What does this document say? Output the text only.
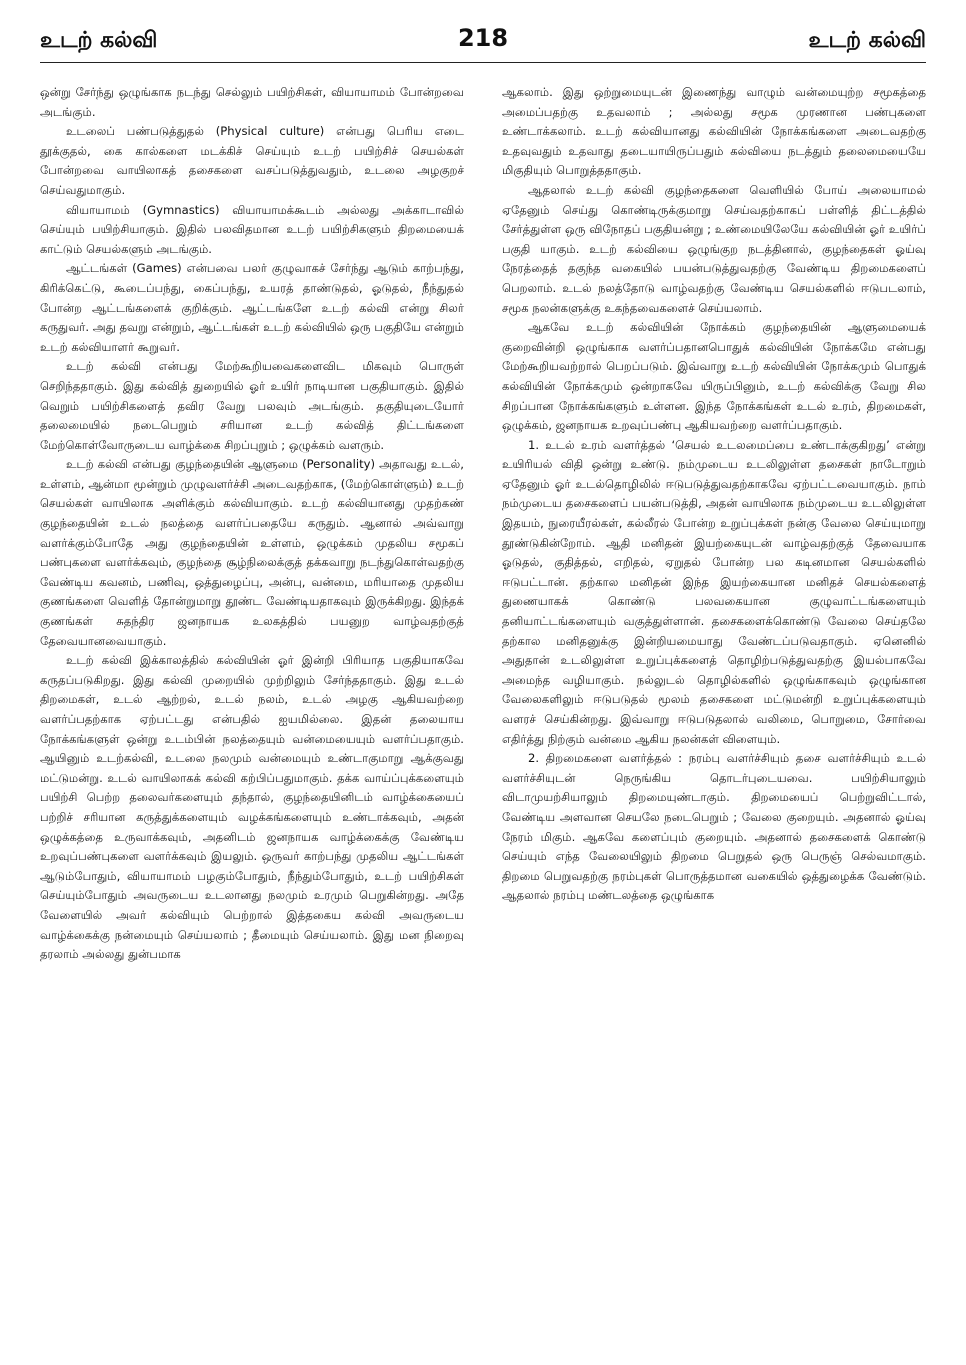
உடற் கல்வி	218	உடற் கல்வி

ஒன்று சேர்ந்து ஒழுங்காக நடந்து செல்லும் பயிற்சிகள், வியாயாமம் போன்றவை அடங்கும்.

உடலைப் பண்படுத்துதல் (Physical culture) என்பது பெரிய எடை தூக்குதல், கை கால்களை மடக்கிச் செய்யும் உடற் பயிற்சிச் செயல்கள் போன்றவை வாயிலாகத் தசைகளை வசப்படுத்துவதும், உடலை அழகுறச் செய்வதுமாகும்.

வியாயாமம் (Gymnastics) வியாயாமக்கூடம் அல்லது அக்காடாவில் செய்யும் பயிற்சியாகும். இதில் பலவிதமான உடற் பயிற்சிகளும் திறமையைக் காட்டும் செயல்களும் அடங்கும்.

ஆட்டங்கள் (Games) என்பவை பலர் குழுவாகச் சேர்ந்து ஆடும் காற்பந்து, கிரிக்கெட்டு, கூடைப்பந்து, கைப்பந்து, உயரத் தாண்டுதல், ஓடுதல், நீந்துதல் போன்ற ஆட்டங்களைக் குறிக்கும். ஆட்டங்களே உடற் கல்வி என்று சிலர் கருதுவர். அது தவறு என்றும், ஆட்டங்கள் உடற் கல்வியில் ஒரு பகுதியே என்றும் உடற் கல்வியாளர் கூறுவர்.

உடற் கல்வி என்பது மேற்கூறியவைகளைவிட மிகவும் பொருள் செறிந்ததாகும். இது கல்வித் துறையில் ஓர் உயிர் நாடியான பகுதியாகும். இதில் வெறும் பயிற்சிகளைத் தவிர வேறு பலவும் அடங்கும். தகுதியுடையோர் தலைமையில் நடைபெறும் சரியான உடற் கல்வித் திட்டங்களை மேற்கொள்வோருடைய வாழ்க்கை சிறப்புறும் ; ஒழுக்கம் வளரும்.

உடற் கல்வி என்பது குழந்தையின் ஆளுமை (Personality) அதாவது உடல், உள்ளம், ஆன்மா மூன்றும் முழுவளர்ச்சி அடைவதற்காக, (மேற்கொள்ளும்) உடற் செயல்கள் வாயிலாக அளிக்கும் கல்வியாகும். உடற் கல்வியானது முதற்கண் குழந்தையின் உடல் நலத்தை வளர்ப்பதையே கருதும். ஆனால் அவ்வாறு வளர்க்கும்போதே அது குழந்தையின் உள்ளம், ஒழுக்கம் முதலிய சமூகப் பண்புகளை வளர்க்கவும், குழந்தை சூழ்நிலைக்குத் தக்கவாறு நடந்துகொள்வதற்கு வேண்டிய கவனம், பணிவு, ஒத்துழைப்பு, அன்பு, வன்மை, மரியாதை முதலிய குணங்களை வெளித் தோன்றுமாறு தூண்ட வேண்டியதாகவும் இருக்கிறது. இந்தக் குணங்கள் சுதந்திர ஜனநாயக உலகத்தில் பயனுற வாழ்வதற்குத் தேவையானவையாகும்.

உடற் கல்வி இக்காலத்தில் கல்வியின் ஓர் இன்றி பிரியாத பகுதியாகவே கருதப்படுகிறது. இது கல்வி முறையில் முற்றிலும் சேர்ந்ததாகும். இது உடல் திறமைகள், உடல் ஆற்றல், உடல் நலம், உடல் அழகு ஆகியவற்றை வளர்ப்பதற்காக ஏற்பட்டது என்பதில் ஐயமில்லை. இதன் தலையாய நோக்கங்களுள் ஒன்று உடம்பின் நலத்தையும் வன்மையையும் வளர்ப்பதாகும். ஆயினும் உடற்கல்வி, உடலை நலமும் வன்மையும் உண்டாகுமாறு ஆக்குவது மட்டுமன்று. உடல் வாயிலாகக் கல்வி கற்பிப்பதுமாகும். தக்க வாய்ப்புக்களையும் பயிற்சி பெற்ற தலைவர்களையும் தந்தால், குழந்தையினிடம் வாழ்க்கையைப் பற்றிச் சரியான கருத்துக்களையும் வழக்கங்களையும் உண்டாக்கவும், அதன் ஒழுக்கத்தை உருவாக்கவும், அதனிடம் ஜனநாயக வாழ்க்கைக்கு வேண்டிய உறவுப்பண்புகளை வளர்க்கவும் இயலும். ஒருவர் காற்பந்து முதலிய ஆட்டங்கள் ஆடும்போதும், வியாயாமம் பழகும்போதும், நீந்தும்போதும், உடற் பயிற்சிகள் செய்யும்போதும் அவருடைய உடலானது நலமும் உரமும் பெறுகின்றது. அதே வேளையில் அவர் கல்வியும் பெற்றால் இத்தகைய கல்வி அவருடைய வாழ்க்கைக்கு நன்மையும் செய்யலாம் ; தீமையும் செய்யலாம். இது மன நிறைவு தரலாம் அல்லது துன்பமாக

ஆகலாம். இது ஒற்றுமையுடன் இணைந்து வாழும் வன்மையுற்ற சமூகத்தை அமைப்பதற்கு உதவலாம் ; அல்லது சமூக முரணான பண்புகளை உண்டாக்கலாம். உடற் கல்வியானது கல்வியின் நோக்கங்களை அடைவதற்கு உதவுவதும் உதவாது தடையாயிருப்பதும் கல்வியை நடத்தும் தலைமையையே மிகுதியும் பொறுத்ததாகும்.

ஆதலால் உடற் கல்வி குழந்தைகளை வெளியில் போய் அலையாமல் ஏதேனும் செய்து கொண்டிருக்குமாறு செய்வதற்காகப் பள்ளித் திட்டத்தில் சேர்த்துள்ள ஒரு விநோதப் பகுதியன்று ; உண்மையிலேயே கல்வியின் ஓர் உயிர்ப் பகுதி யாகும். உடற் கல்வியை ஒழுங்குற நடத்தினால், குழந்தைகள் ஓய்வு நேரத்தைத் தகுந்த வகையில் பயன்படுத்துவதற்கு வேண்டிய திறமைகளைப் பெறலாம். உடல் நலத்தோடு வாழ்வதற்கு வேண்டிய செயல்களில் ஈடுபடலாம், சமூக நலன்களுக்கு உகந்தவைகளைச் செய்யலாம்.

ஆகவே உடற் கல்வியின் நோக்கம் குழந்தையின் ஆளுமையைக் குறைவின்றி ஒழுங்காக வளர்ப்பதானபொதுக் கல்வியின் நோக்கமே என்பது மேற்கூறியவற்றால் பெறப்படும். இவ்வாறு உடற் கல்வியின் நோக்கமும் பொதுக் கல்வியின் நோக்கமும் ஒன்றாகவே யிருப்பினும், உடற் கல்விக்கு வேறு சில சிறப்பான நோக்கங்களும் உள்ளன. இந்த நோக்கங்கள் உடல் உரம், திறமைகள், ஒழுக்கம், ஜனநாயக உறவுப்பண்பு ஆகியவற்றை வளர்ப்பதாகும்.

1. உடல் உரம் வளர்த்தல் ‘செயல் உடலமைப்பை உண்டாக்குகிறது’ என்று உயிரியல் விதி ஒன்று உண்டு. நம்முடைய உடலிலுள்ள தசைகள் நாடோறும் ஏதேனும் ஓர் உடல்தொழிலில் ஈடுபடுத்துவதற்காகவே ஏற்பட்டவையாகும். நாம் நம்முடைய தசைகளைப் பயன்படுத்தி, அதன் வாயிலாக நம்முடைய உடலிலுள்ள இதயம், நுரையீரல்கள், கல்லீரல் போன்ற உறுப்புக்கள் நன்கு வேலை செய்யுமாறு தூண்டுகின்றோம். ஆதி மனிதன் இயற்கையுடன் வாழ்வதற்குத் தேவையாக ஓடுதல், குதித்தல், எறிதல், ஏறுதல் போன்ற பல கடினமான செயல்களில் ஈடுபட்டான். தற்கால மனிதன் இந்த இயற்கையான மனிதச் செயல்களைத் துணையாகக் கொண்டு பலவகையான குழுவாட்டங்களையும் தனியாட்டங்களையும் வகுத்துள்ளான். தசைகளைக்கொண்டு வேலை செய்தலே தற்கால மனிதனுக்கு இன்றியமையாது வேண்டப்படுவதாகும். ஏனெனில் அதுதான் உடலிலுள்ள உறுப்புக்களைத் தொழிற்படுத்துவதற்கு இயல்பாகவே அமைந்த வழியாகும். நல்லுடல் தொழில்களில் ஒழுங்காகவும் ஒழுங்கான வேலைகளிலும் ஈடுபடுதல் மூலம் தசைகளை மட்டுமன்றி உறுப்புக்களையும் வளரச் செய்கின்றது. இவ்வாறு ஈடுபடுதலால் வலிமை, பொறுமை, சோர்வை எதிர்த்து நிற்கும் வன்மை ஆகிய நலன்கள் விளையும்.

2. திறமைகளை வளர்த்தல் : நரம்பு வளர்ச்சியும் தசை வளர்ச்சியும் உடல் வளர்ச்சியுடன் நெருங்கிய தொடர்புடையவை. பயிற்சியாலும் விடாமுயற்சியாலும் திறமையுண்டாகும். திறமையைப் பெற்றுவிட்டால், வேண்டிய அளவான செயலே நடைபெறும் ; வேலை குறையும். அதனால் ஓய்வு நேரம் மிகும். ஆகவே களைப்பும் குறையும். அதனால் தசைகளைக் கொண்டு செய்யும் எந்த வேலையிலும் திறமை பெறுதல் ஒரு பெருஞ் செல்வமாகும். திறமை பெறுவதற்கு நரம்புகள் பொருத்தமான வகையில் ஒத்துழைக்க வேண்டும். ஆதலால் நரம்பு மண்டலத்தை ஒழுங்காக
